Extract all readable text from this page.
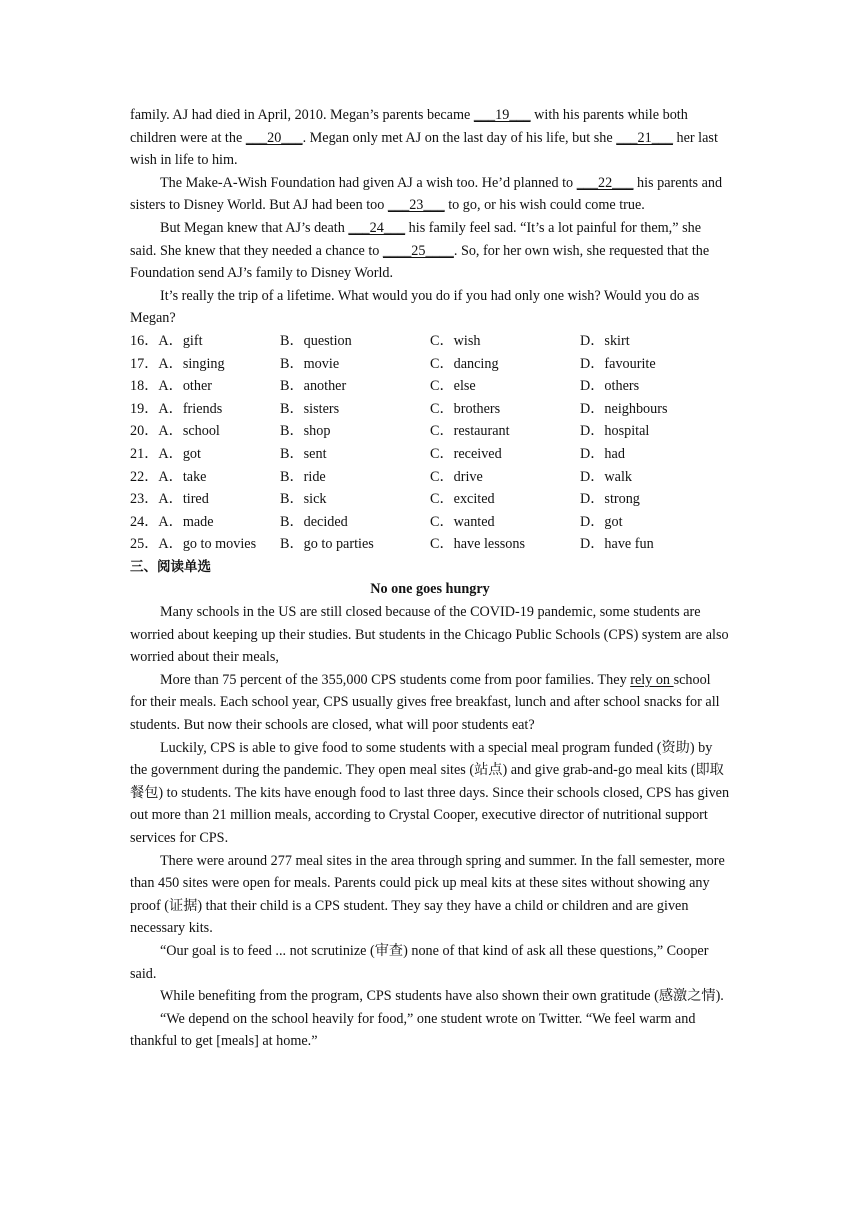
family. AJ had died in April, 2010. Megan’s parents became ___19___ with his parents while both children were at the ___20___. Megan only met AJ on the last day of his life, but she ___21___ her last wish in life to him.

The Make-A-Wish Foundation had given AJ a wish too. He’d planned to ___22___ his parents and sisters to Disney World. But AJ had been too ___23___ to go, or his wish could come true.

But Megan knew that AJ’s death ___24___ his family feel sad. “It’s a lot painful for them,” she said. She knew that they needed a chance to ____25____. So, for her own wish, she requested that the Foundation send AJ’s family to Disney World.

It’s really the trip of a lifetime. What would you do if you had only one wish? Would you do as Megan?

16．A．gift	B．question	C．wish	D．skirt
17．A．singing	B．movie	C．dancing	D．favourite
18．A．other	B．another	C．else	D．others
19．A．friends	B．sisters	C．brothers	D．neighbours
20．A．school	B．shop	C．restaurant	D．hospital
21．A．got	B．sent	C．received	D．had
22．A．take	B．ride	C．drive	D．walk
23．A．tired	B．sick	C．excited	D．strong
24．A．made	B．decided	C．wanted	D．got
25．A．go to movies	B．go to parties	C．have lessons	D．have fun

三、阅读单选

No one goes hungry

Many schools in the US are still closed because of the COVID-19 pandemic, some students are worried about keeping up their studies. But students in the Chicago Public Schools (CPS) system are also worried about their meals,

More than 75 percent of the 355,000 CPS students come from poor families. They rely on school for their meals. Each school year, CPS usually gives free breakfast, lunch and after school snacks for all students. But now their schools are closed, what will poor students eat?

Luckily, CPS is able to give food to some students with a special meal program funded (资助) by the government during the pandemic. They open meal sites (站点) and give grab-and-go meal kits (即取餐包) to students. The kits have enough food to last three days. Since their schools closed, CPS has given out more than 21 million meals, according to Crystal Cooper, executive director of nutritional support services for CPS.

There were around 277 meal sites in the area through spring and summer. In the fall semester, more than 450 sites were open for meals. Parents could pick up meal kits at these sites without showing any proof (证据) that their child is a CPS student. They say they have a child or children and are given necessary kits.

“Our goal is to feed ... not scrutinize (审查) none of that kind of ask all these questions,” Cooper said.

While benefiting from the program, CPS students have also shown their own gratitude (感激之情).

“We depend on the school heavily for food,” one student wrote on Twitter. “We feel warm and thankful to get [meals] at home.”
